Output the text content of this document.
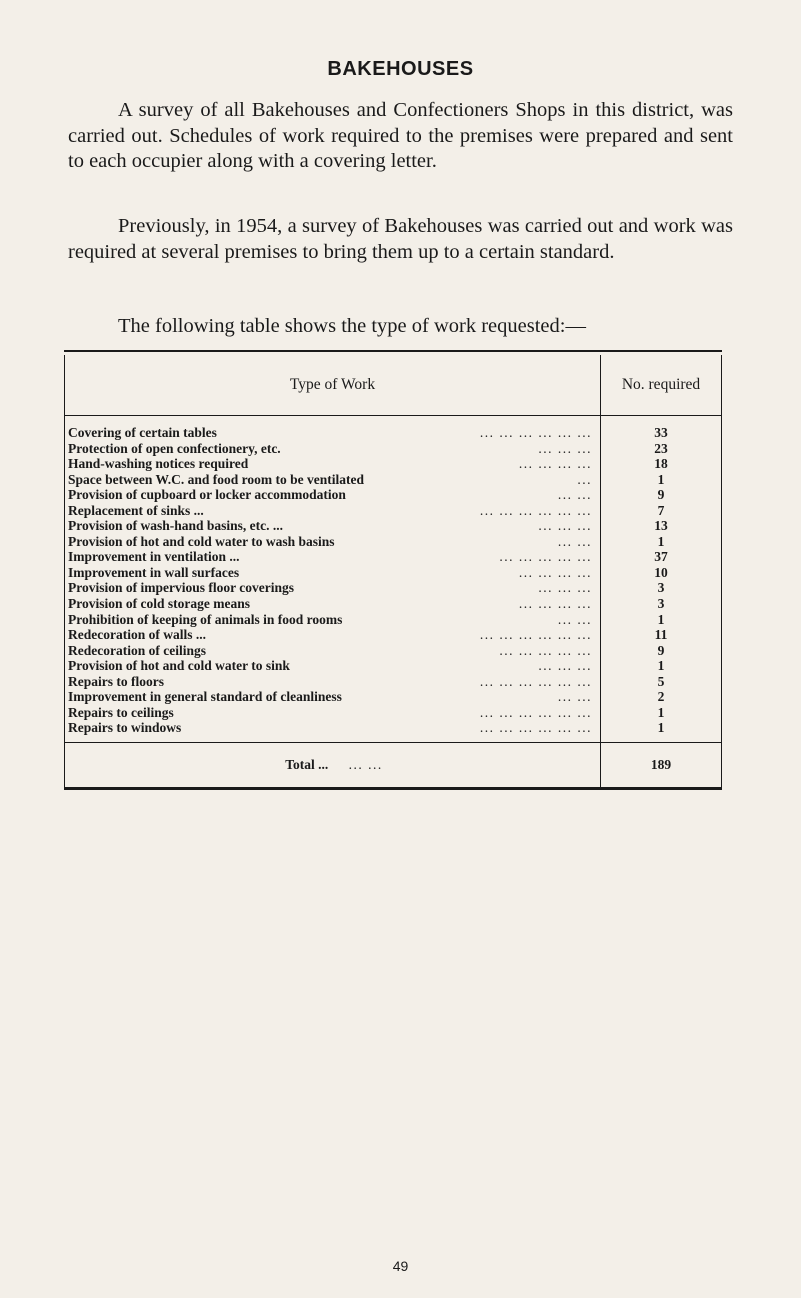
BAKEHOUSES

A survey of all Bakehouses and Confectioners Shops in this district, was carried out. Schedules of work required to the premises were prepared and sent to each occupier along with a covering letter.

Previously, in 1954, a survey of Bakehouses was carried out and work was required at several premises to bring them up to a certain standard.

The following table shows the type of work requested:—

Type of Work	No. required

Covering of certain tables ... ... ... ... ... ...	33

Protection of open confectionery, etc. ... ... ...	23

Hand-washing notices required ... ... ... ...	18

Space between W.C. and food room to be ventilated ...	1

Provision of cupboard or locker accommodation ... ...	9

Replacement of sinks ... ... ... ... ... ... ...	7

Provision of wash-hand basins, etc. ... ... ... ...	13

Provision of hot and cold water to wash basins ... ...	1

Improvement in ventilation ... ... ... ... ... ...	37

Improvement in wall surfaces ... ... ... ...	10

Provision of impervious floor coverings ... ... ...	3

Provision of cold storage means ... ... ... ...	3

Prohibition of keeping of animals in food rooms ... ...	1

Redecoration of walls ... ... ... ... ... ... ...	11

Redecoration of ceilings ... ... ... ... ...	9

Provision of hot and cold water to sink ... ... ...	1

Repairs to floors ... ... ... ... ... ...	5

Improvement in general standard of cleanliness ... ...	2

Repairs to ceilings ... ... ... ... ... ...	1

Repairs to windows ... ... ... ... ... ...	1
Total ... ... ...	189
49
